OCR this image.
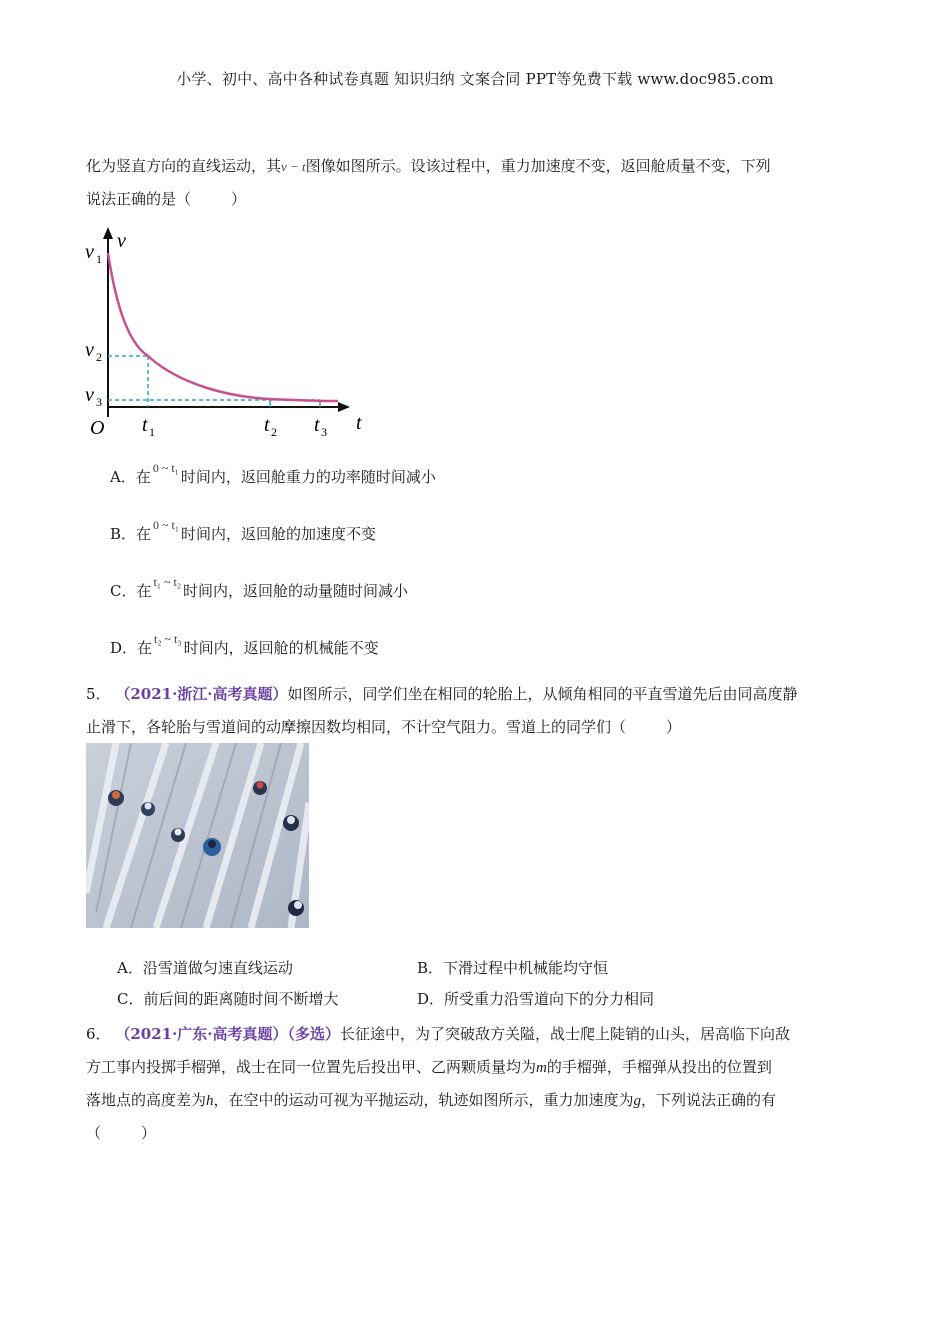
小学、初中、高中各种试卷真题 知识归纳 文案合同 PPT等免费下载 www.doc985.com
化为竖直方向的直线运动，其v − t图像如图所示。设该过程中，重力加速度不变，返回舱质量不变，下列
说法正确的是（	）
v
v 1
v 2
v 3
O t 1	t 2 t 3 t
A．在 0 ~ t₁ 时间内，返回舱重力的功率随时间减小
B．在 0 ~ t₁ 时间内，返回舱的加速度不变
C．在 t₁ ~ t₂ 时间内，返回舱的动量随时间减小
D．在 t₂ ~ t₃ 时间内，返回舱的机械能不变
5． （2021·浙江·高考真题）如图所示，同学们坐在相同的轮胎上，从倾角相同的平直雪道先后由同高度静
止滑下，各轮胎与雪道间的动摩擦因数均相同，不计空气阻力。雪道上的同学们（	）
A．沿雪道做匀速直线运动	B．下滑过程中机械能均守恒
C．前后间的距离随时间不断增大	D．所受重力沿雪道向下的分力相同
6． （2021·广东·高考真题）（多选）长征途中，为了突破敌方关隘，战士爬上陡销的山头，居高临下向敌
方工事内投掷手榴弹，战士在同一位置先后投出甲、乙两颗质量均为m的手榴弹，手榴弹从投出的位置到
落地点的高度差为h，在空中的运动可视为平抛运动，轨迹如图所示，重力加速度为g，下列说法正确的有
（	）
